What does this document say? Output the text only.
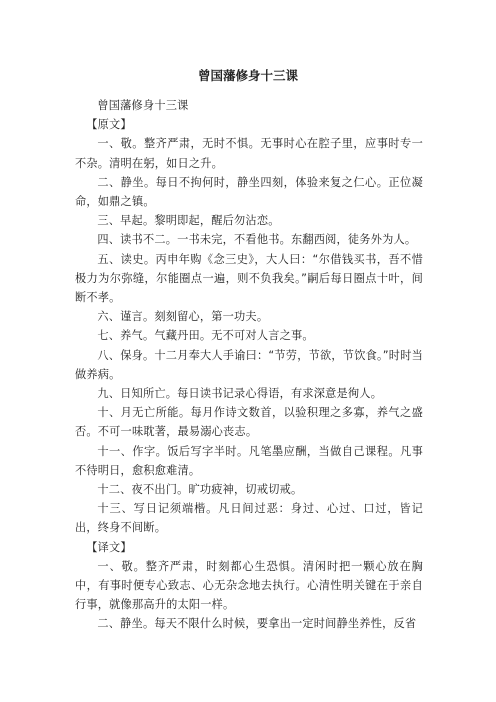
曾国藩修身十三课

曾国藩修身十三课

【原文】

一、敬。整齐严肃，无时不惧。无事时心在腔子里，应事时专一不杂。清明在躬，如日之升。

二、静坐。每日不拘何时，静坐四刻，体验来复之仁心。正位凝命，如鼎之镇。

三、早起。黎明即起，醒后勿沾恋。

四、读书不二。一书未完，不看他书。东翻西阅，徒务外为人。

五、读史。丙申年购《念三史》，大人曰：“尔借钱买书，吾不惜极力为尔弥缝，尔能圈点一遍，则不负我矣。”嗣后每日圈点十叶，间断不孝。

六、谨言。刻刻留心，第一功夫。

七、养气。气藏丹田。无不可对人言之事。

八、保身。十二月奉大人手谕曰：“节劳，节欲，节饮食。”时时当做养病。

九、日知所亡。每日读书记录心得语，有求深意是徇人。

十、月无亡所能。每月作诗文数首，以验积理之多寡，养气之盛否。不可一味耽著，最易溺心丧志。

十一、作字。饭后写字半时。凡笔墨应酬，当做自己课程。凡事不待明日，愈积愈难清。

十二、夜不出门。旷功疲神，切戒切戒。

十三、写日记须端楷。凡日间过恶：身过、心过、口过，皆记出，终身不间断。

【译文】

一、敬。整齐严肃，时刻都心生恐惧。清闲时把一颗心放在胸中，有事时便专心致志、心无杂念地去执行。心清性明关键在于亲自行事，就像那高升的太阳一样。

二、静坐。每天不限什么时候，要拿出一定时间静坐养性，反省
